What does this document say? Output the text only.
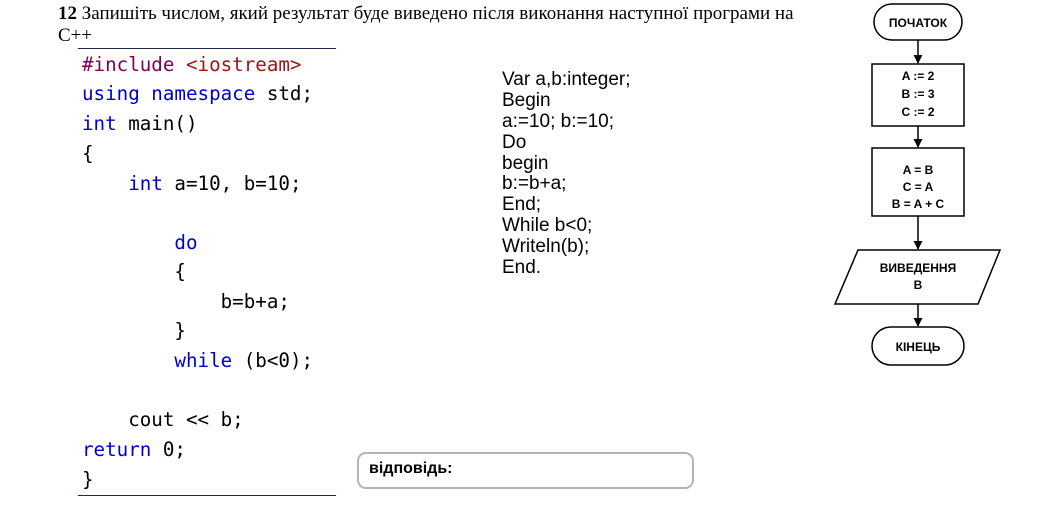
12 Запишіть числом, який результат буде виведено після виконання наступної програми на С++
#include <iostream>
using namespace std;
int main()
{
int a=10, b=10;
do
{
b=b+a;
}
while (b<0);
cout << b;
return 0;
}
Var a,b:integer;
Begin
a:=10; b:=10;
Do
begin
b:=b+a;
End;
While b<0;
Writeln(b);
End.
відповідь:
ПОЧАТОК
A := 2
B := 3
C := 2
A = B
C = A
B = A + C
ВИВЕДЕННЯ
B
КІНЕЦЬ
